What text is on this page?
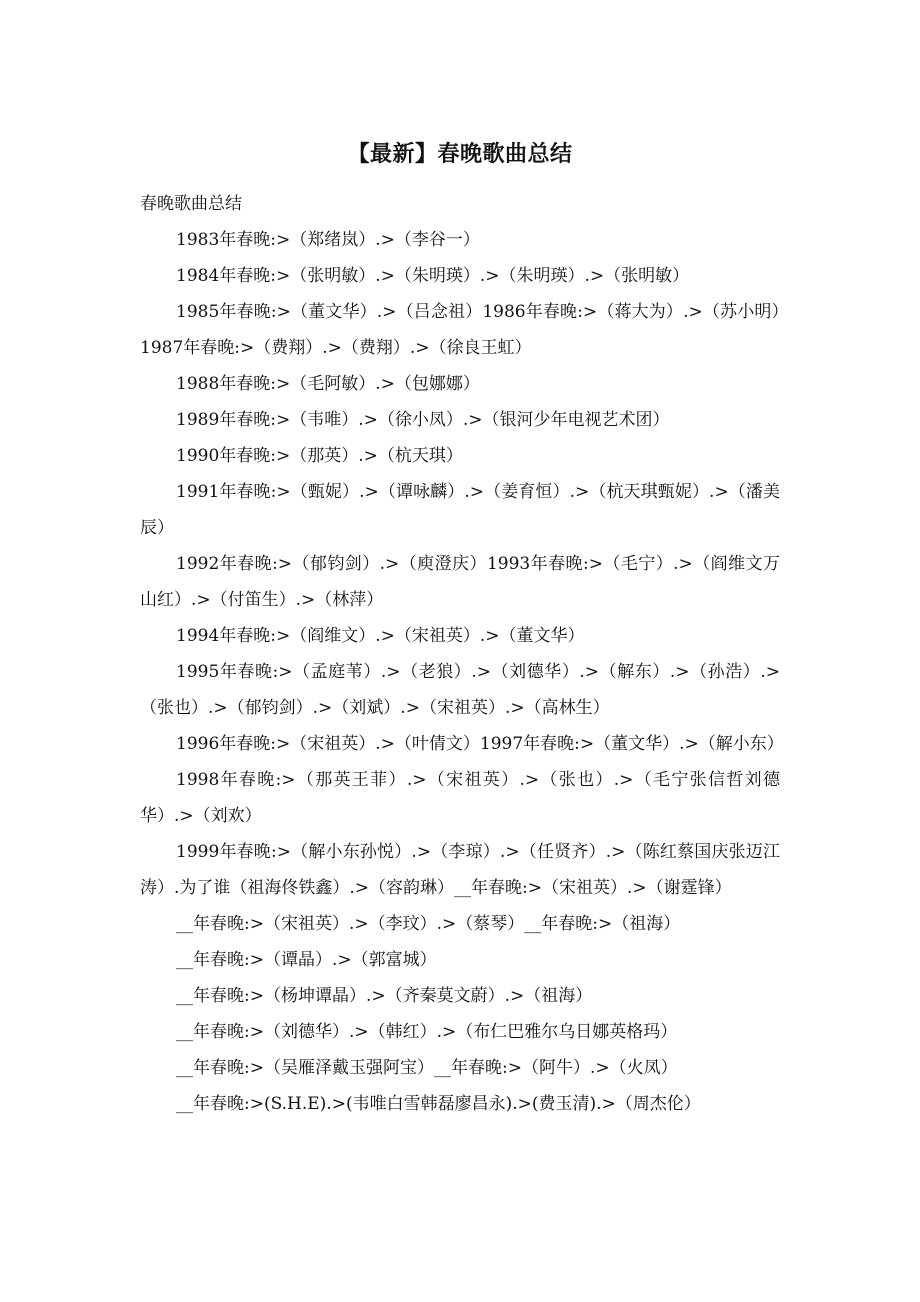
【最新】春晚歌曲总结

春晚歌曲总结

1983年春晚:>（郑绪岚）.>（李谷一）

1984年春晚:>（张明敏）.>（朱明瑛）.>（朱明瑛）.>（张明敏）

1985年春晚:>（董文华）.>（吕念祖）1986年春晚:>（蒋大为）.>（苏小明）1987年春晚:>（费翔）.>（费翔）.>（徐良王虹）

1988年春晚:>（毛阿敏）.>（包娜娜）

1989年春晚:>（韦唯）.>（徐小凤）.>（银河少年电视艺术团）

1990年春晚:>（那英）.>（杭天琪）

1991年春晚:>（甄妮）.>（谭咏麟）.>（姜育恒）.>（杭天琪甄妮）.>（潘美辰）

1992年春晚:>（郁钧剑）.>（庾澄庆）1993年春晚:>（毛宁）.>（阎维文万山红）.>（付笛生）.>（林萍）

1994年春晚:>（阎维文）.>（宋祖英）.>（董文华）

1995年春晚:>（孟庭苇）.>（老狼）.>（刘德华）.>（解东）.>（孙浩）.>（张也）.>（郁钧剑）.>（刘斌）.>（宋祖英）.>（高林生）

1996年春晚:>（宋祖英）.>（叶倩文）1997年春晚:>（董文华）.>（解小东）

1998年春晚:>（那英王菲）.>（宋祖英）.>（张也）.>（毛宁张信哲刘德华）.>（刘欢）

1999年春晚:>（解小东孙悦）.>（李琼）.>（任贤齐）.>（陈红蔡国庆张迈江涛）.为了谁（祖海佟铁鑫）.>（容韵琳）__年春晚:>（宋祖英）.>（谢霆锋）

__年春晚:>（宋祖英）.>（李玟）.>（蔡琴）__年春晚:>（祖海）

__年春晚:>（谭晶）.>（郭富城）

__年春晚:>（杨坤谭晶）.>（齐秦莫文蔚）.>（祖海）

__年春晚:>（刘德华）.>（韩红）.>（布仁巴雅尔乌日娜英格玛）

__年春晚:>（吴雁泽戴玉强阿宝）__年春晚:>（阿牛）.>（火凤）

__年春晚:>(S.H.E).>(韦唯白雪韩磊廖昌永).>(费玉清).>（周杰伦）
